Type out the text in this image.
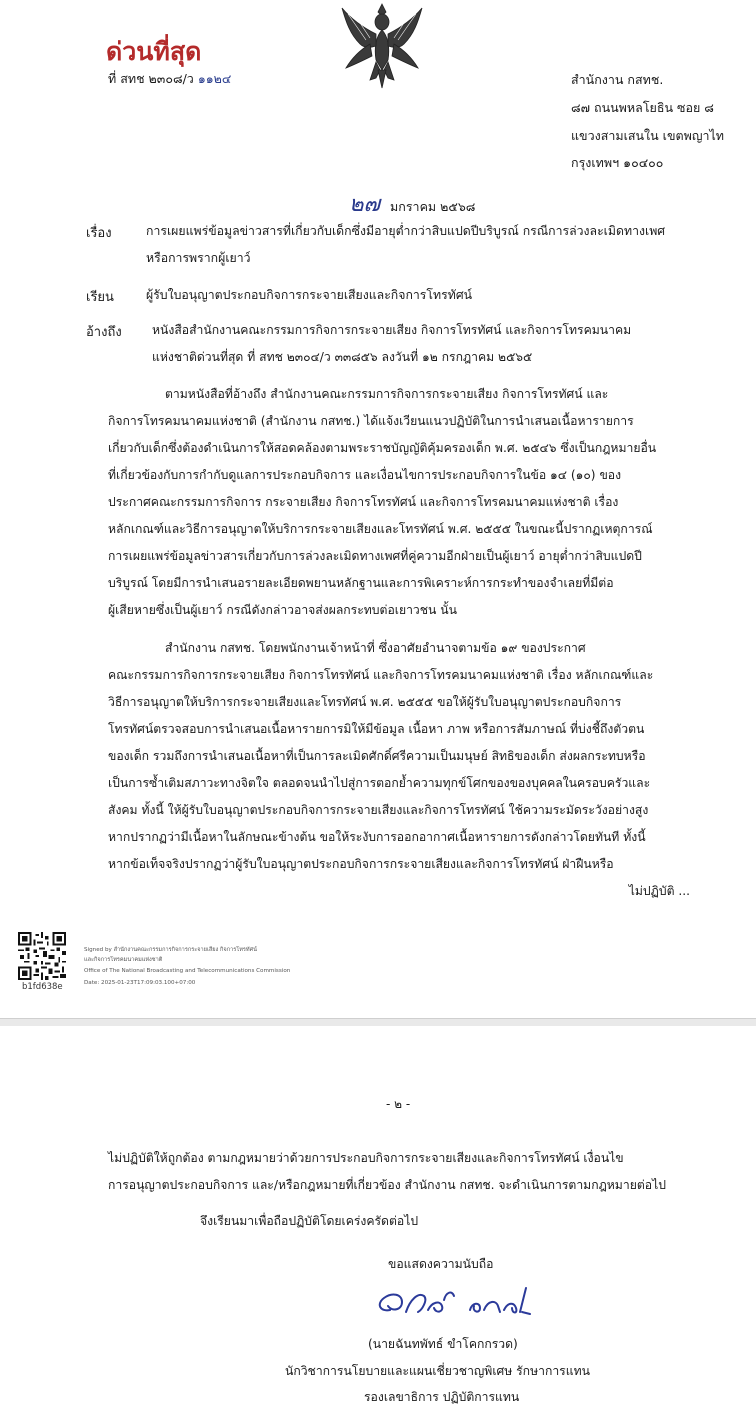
ด่วนที่สุด
ที่ สทช ๒๓๐๘/ว ๑๑๒๔	สำนักงาน กสทช.
๘๗ ถนนพหลโยธิน ซอย ๘
แขวงสามเสนใน เขตพญาไท
กรุงเทพฯ ๑๐๔๐๐
๒๗ มกราคม ๒๕๖๘
เรื่อง	การเผยแพร่ข้อมูลข่าวสารที่เกี่ยวกับเด็กซึ่งมีอายุต่ำกว่าสิบแปดปีบริบูรณ์ กรณีการล่วงละเมิดทางเพศ
หรือการพรากผู้เยาว์
เรียน	ผู้รับใบอนุญาตประกอบกิจการกระจายเสียงและกิจการโทรทัศน์
อ้างถึง หนังสือสำนักงานคณะกรรมการกิจการกระจายเสียง กิจการโทรทัศน์ และกิจการโทรคมนาคม
แห่งชาติด่วนที่สุด ที่ สทช ๒๓๐๔/ว ๓๓๘๕๖ ลงวันที่ ๑๒ กรกฎาคม ๒๕๖๕
ตามหนังสือที่อ้างถึง สำนักงานคณะกรรมการกิจการกระจายเสียง กิจการโทรทัศน์ และ
กิจการโทรคมนาคมแห่งชาติ (สำนักงาน กสทช.) ได้แจ้งเวียนแนวปฏิบัติในการนำเสนอเนื้อหารายการ
เกี่ยวกับเด็กซึ่งต้องดำเนินการให้สอดคล้องตามพระราชบัญญัติคุ้มครองเด็ก พ.ศ. ๒๕๔๖ ซึ่งเป็นกฎหมายอื่น
ที่เกี่ยวข้องกับการกำกับดูแลการประกอบกิจการ และเงื่อนไขการประกอบกิจการในข้อ ๑๔ (๑๐) ของ
ประกาศคณะกรรมการกิจการ กระจายเสียง กิจการโทรทัศน์ และกิจการโทรคมนาคมแห่งชาติ เรื่อง
หลักเกณฑ์และวิธีการอนุญาตให้บริการกระจายเสียงและโทรทัศน์ พ.ศ. ๒๕๕๕ ในขณะนี้ปรากฏเหตุการณ์
การเผยแพร่ข้อมูลข่าวสารเกี่ยวกับการล่วงละเมิดทางเพศที่คู่ความอีกฝ่ายเป็นผู้เยาว์ อายุต่ำกว่าสิบแปดปี
บริบูรณ์ โดยมีการนำเสนอรายละเอียดพยานหลักฐานและการพิเคราะห์การกระทำของจำเลยที่มีต่อ
ผู้เสียหายซึ่งเป็นผู้เยาว์ กรณีดังกล่าวอาจส่งผลกระทบต่อเยาวชน นั้น
สำนักงาน กสทช. โดยพนักงานเจ้าหน้าที่ ซึ่งอาศัยอำนาจตามข้อ ๑๙ ของประกาศ
คณะกรรมการกิจการกระจายเสียง กิจการโทรทัศน์ และกิจการโทรคมนาคมแห่งชาติ เรื่อง หลักเกณฑ์และ
วิธีการอนุญาตให้บริการกระจายเสียงและโทรทัศน์ พ.ศ. ๒๕๕๕ ขอให้ผู้รับใบอนุญาตประกอบกิจการ
โทรทัศน์ตรวจสอบการนำเสนอเนื้อหารายการมิให้มีข้อมูล เนื้อหา ภาพ หรือการสัมภาษณ์ ที่บ่งชี้ถึงตัวตน
ของเด็ก รวมถึงการนำเสนอเนื้อหาที่เป็นการละเมิดศักดิ์ศรีความเป็นมนุษย์ สิทธิของเด็ก ส่งผลกระทบหรือ
เป็นการซ้ำเติมสภาวะทางจิตใจ ตลอดจนนำไปสู่การตอกย้ำความทุกข์โศกของของบุคคลในครอบครัวและ
สังคม ทั้งนี้ ให้ผู้รับใบอนุญาตประกอบกิจการกระจายเสียงและกิจการโทรทัศน์ ใช้ความระมัดระวังอย่างสูง
หากปรากฏว่ามีเนื้อหาในลักษณะข้างต้น ขอให้ระงับการออกอากาศเนื้อหารายการดังกล่าวโดยทันที ทั้งนี้
หากข้อเท็จจริงปรากฏว่าผู้รับใบอนุญาตประกอบกิจการกระจายเสียงและกิจการโทรทัศน์ ฝ่าฝืนหรือ
ไม่ปฏิบัติ ...
b1fd638e
Signed by สำนักงานคณะกรรมการกิจการกระจายเสียง กิจการโทรทัศน์
และกิจการโทรคมนาคมแห่งชาติ
Office of The National Broadcasting and Telecommunications Commission
Date: 2025-01-23T17:09:03.100+07:00
- ๒ -
ไม่ปฏิบัติให้ถูกต้อง ตามกฎหมายว่าด้วยการประกอบกิจการกระจายเสียงและกิจการโทรทัศน์ เงื่อนไข
การอนุญาตประกอบกิจการ และ/หรือกฎหมายที่เกี่ยวข้อง สำนักงาน กสทช. จะดำเนินการตามกฎหมายต่อไป
จึงเรียนมาเพื่อถือปฏิบัติโดยเคร่งครัดต่อไป
ขอแสดงความนับถือ
(นายฉันทพัทธ์ ขำโคกกรวด)
นักวิชาการนโยบายและแผนเชี่ยวชาญพิเศษ รักษาการแทน
รองเลขาธิการ ปฏิบัติการแทน
